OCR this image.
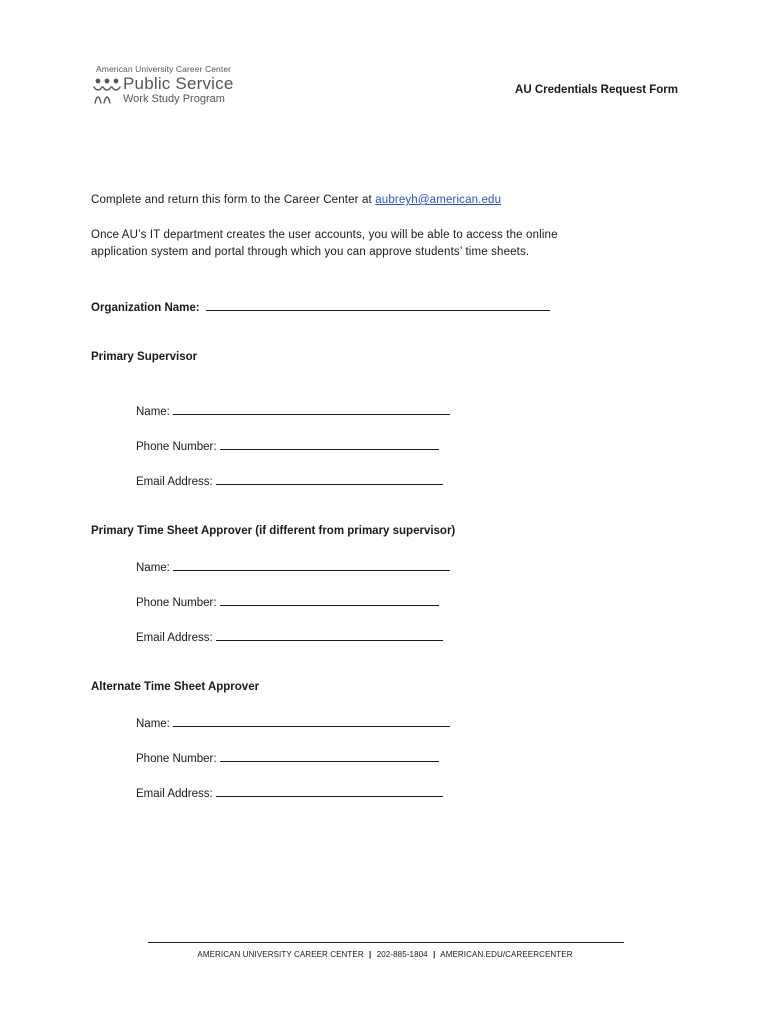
American University Career Center
Public Service
Work Study Program
AU Credentials Request Form
Complete and return this form to the Career Center at aubreyh@american.edu
Once AU’s IT department creates the user accounts, you will be able to access the online
application system and portal through which you can approve students’ time sheets.
Organization Name:
Primary Supervisor
Name:
Phone Number:
Email Address:
Primary Time Sheet Approver (if different from primary supervisor)
Name:
Phone Number:
Email Address:
Alternate Time Sheet Approver
Name:
Phone Number:
Email Address:
AMERICAN UNIVERSITY CAREER CENTER | 202-885-1804 | AMERICAN.EDU/CAREERCENTER
